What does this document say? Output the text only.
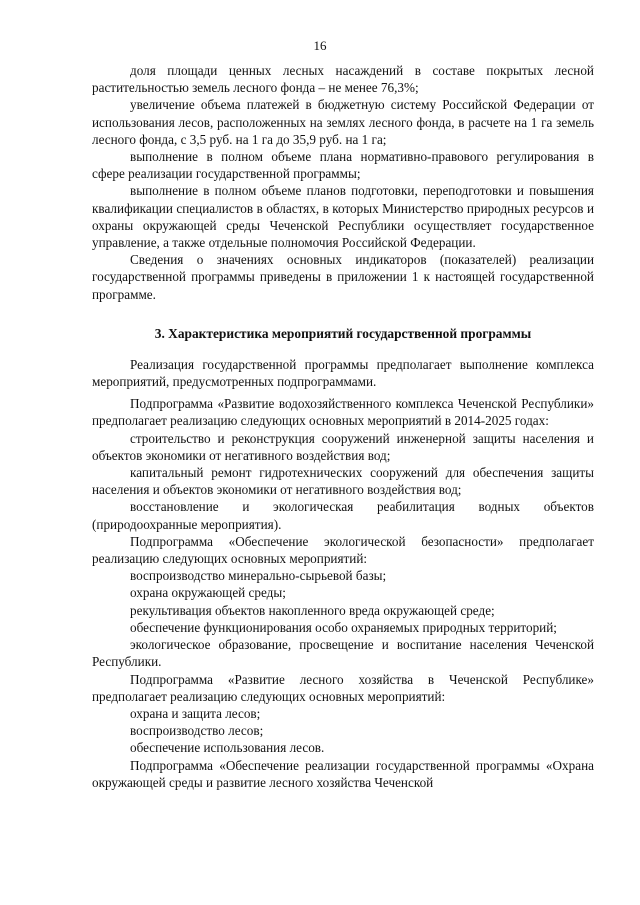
16

доля площади ценных лесных насаждений в составе покрытых лесной растительностью земель лесного фонда – не менее 76,3%;

увеличение объема платежей в бюджетную систему Российской Федерации от использования лесов, расположенных на землях лесного фонда, в расчете на 1 га земель лесного фонда, с 3,5 руб. на 1 га до 35,9 руб. на 1 га;

выполнение в полном объеме плана нормативно-правового регулирования в сфере реализации государственной программы;

выполнение в полном объеме планов подготовки, переподготовки и повышения квалификации специалистов в областях, в которых Министерство природных ресурсов и охраны окружающей среды Чеченской Республики осуществляет государственное управление, а также отдельные полномочия Российской Федерации.

Сведения о значениях основных индикаторов (показателей) реализации государственной программы приведены в приложении 1 к настоящей государственной программе.

3. Характеристика мероприятий государственной программы

Реализация государственной программы предполагает выполнение комплекса мероприятий, предусмотренных подпрограммами.

Подпрограмма «Развитие водохозяйственного комплекса Чеченской Республики» предполагает реализацию следующих основных мероприятий в 2014-2025 годах:

строительство и реконструкция сооружений инженерной защиты населения и объектов экономики от негативного воздействия вод;

капитальный ремонт гидротехнических сооружений для обеспечения защиты населения и объектов экономики от негативного воздействия вод;

восстановление и экологическая реабилитация водных объектов (природоохранные мероприятия).

Подпрограмма «Обеспечение экологической безопасности» предполагает реализацию следующих основных мероприятий:

воспроизводство минерально-сырьевой базы;

охрана окружающей среды;

рекультивация объектов накопленного вреда окружающей среде;

обеспечение функционирования особо охраняемых природных территорий;

экологическое образование, просвещение и воспитание населения Чеченской Республики.

Подпрограмма «Развитие лесного хозяйства в Чеченской Республике» предполагает реализацию следующих основных мероприятий:

охрана и защита лесов;

воспроизводство лесов;

обеспечение использования лесов.

Подпрограмма «Обеспечение реализации государственной программы «Охрана окружающей среды и развитие лесного хозяйства Чеченской
